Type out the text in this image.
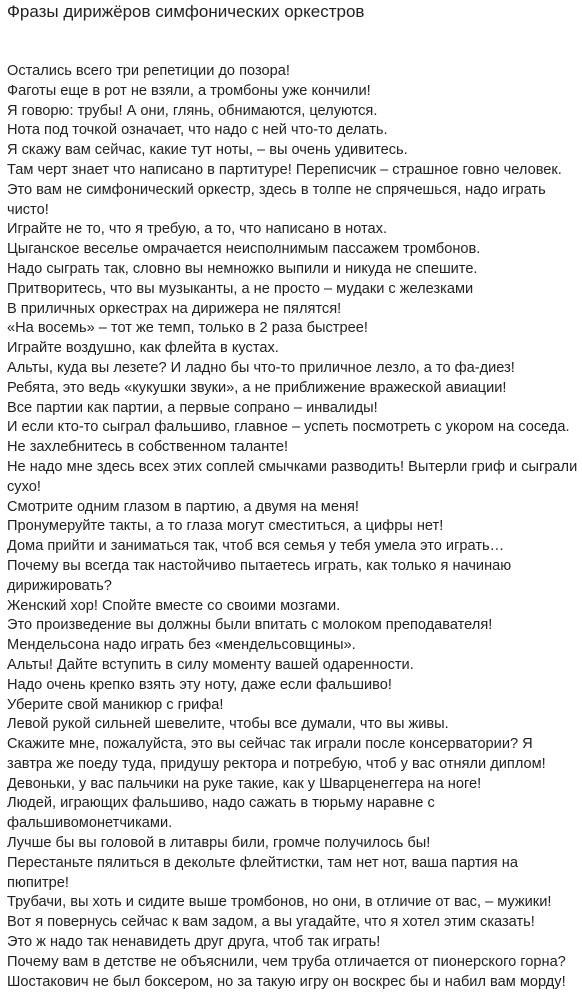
Фразы дирижёров симфонических оркестров
Остались всего три репетиции до позора!
Фаготы еще в рот не взяли, а тромбоны уже кончили!
Я говорю: трубы! А они, глянь, обнимаются, целуются.
Нота под точкой означает, что надо с ней что-то делать.
Я скажу вам сейчас, какие тут ноты, – вы очень удивитесь.
Там черт знает что написано в партитуре! Переписчик – страшное говно человек.
Это вам не симфонический оркестр, здесь в толпе не спрячешься, надо играть чисто!
Играйте не то, что я требую, а то, что написано в нотах.
Цыганское веселье омрачается неисполнимым пассажем тромбонов.
Надо сыграть так, словно вы немножко выпили и никуда не спешите.
Притворитесь, что вы музыканты, а не просто – мудаки с железками
В приличных оркестрах на дирижера не пялятся!
«На восемь» – тот же темп, только в 2 раза быстрее!
Играйте воздушно, как флейта в кустах.
Альты, куда вы лезете? И ладно бы что-то приличное лезло, а то фа-диез!
Ребята, это ведь «кукушки звуки», а не приближение вражеской авиации!
Все партии как партии, а первые сопрано – инвалиды!
И если кто-то сыграл фальшиво, главное – успеть посмотреть с укором на соседа.
Не захлебнитесь в собственном таланте!
Не надо мне здесь всех этих соплей смычками разводить! Вытерли гриф и сыграли сухо!
Смотрите одним глазом в партию, а двумя на меня!
Пронумеруйте такты, а то глаза могут сместиться, а цифры нет!
Дома прийти и заниматься так, чтоб вся семья у тебя умела это играть…
Почему вы всегда так настойчиво пытаетесь играть, как только я начинаю дирижировать?
Женский хор! Спойте вместе со своими мозгами.
Это произведение вы должны были впитать с молоком преподавателя!
Мендельсона надо играть без «мендельсовщины».
Альты! Дайте вступить в силу моменту вашей одаренности.
Надо очень крепко взять эту ноту, даже если фальшиво!
Уберите свой маникюр с грифа!
Левой рукой сильней шевелите, чтобы все думали, что вы живы.
Скажите мне, пожалуйста, это вы сейчас так играли после консерватории? Я завтра же поеду туда, придушу ректора и потребую, чтоб у вас отняли диплом!
Девоньки, у вас пальчики на руке такие, как у Шварценеггера на ноге!
Людей, играющих фальшиво, надо сажать в тюрьму наравне с фальшивомонетчиками.
Лучше бы вы головой в литавры били, громче получилось бы!
Перестаньте пялиться в декольте флейтистки, там нет нот, ваша партия на пюпитре!
Трубачи, вы хоть и сидите выше тромбонов, но они, в отличие от вас, – мужики!
Вот я повернусь сейчас к вам задом, а вы угадайте, что я хотел этим сказать!
Это ж надо так ненавидеть друг друга, чтоб так играть!
Почему вам в детстве не объяснили, чем труба отличается от пионерского горна?
Шостакович не был боксером, но за такую игру он воскрес бы и набил вам морду!
